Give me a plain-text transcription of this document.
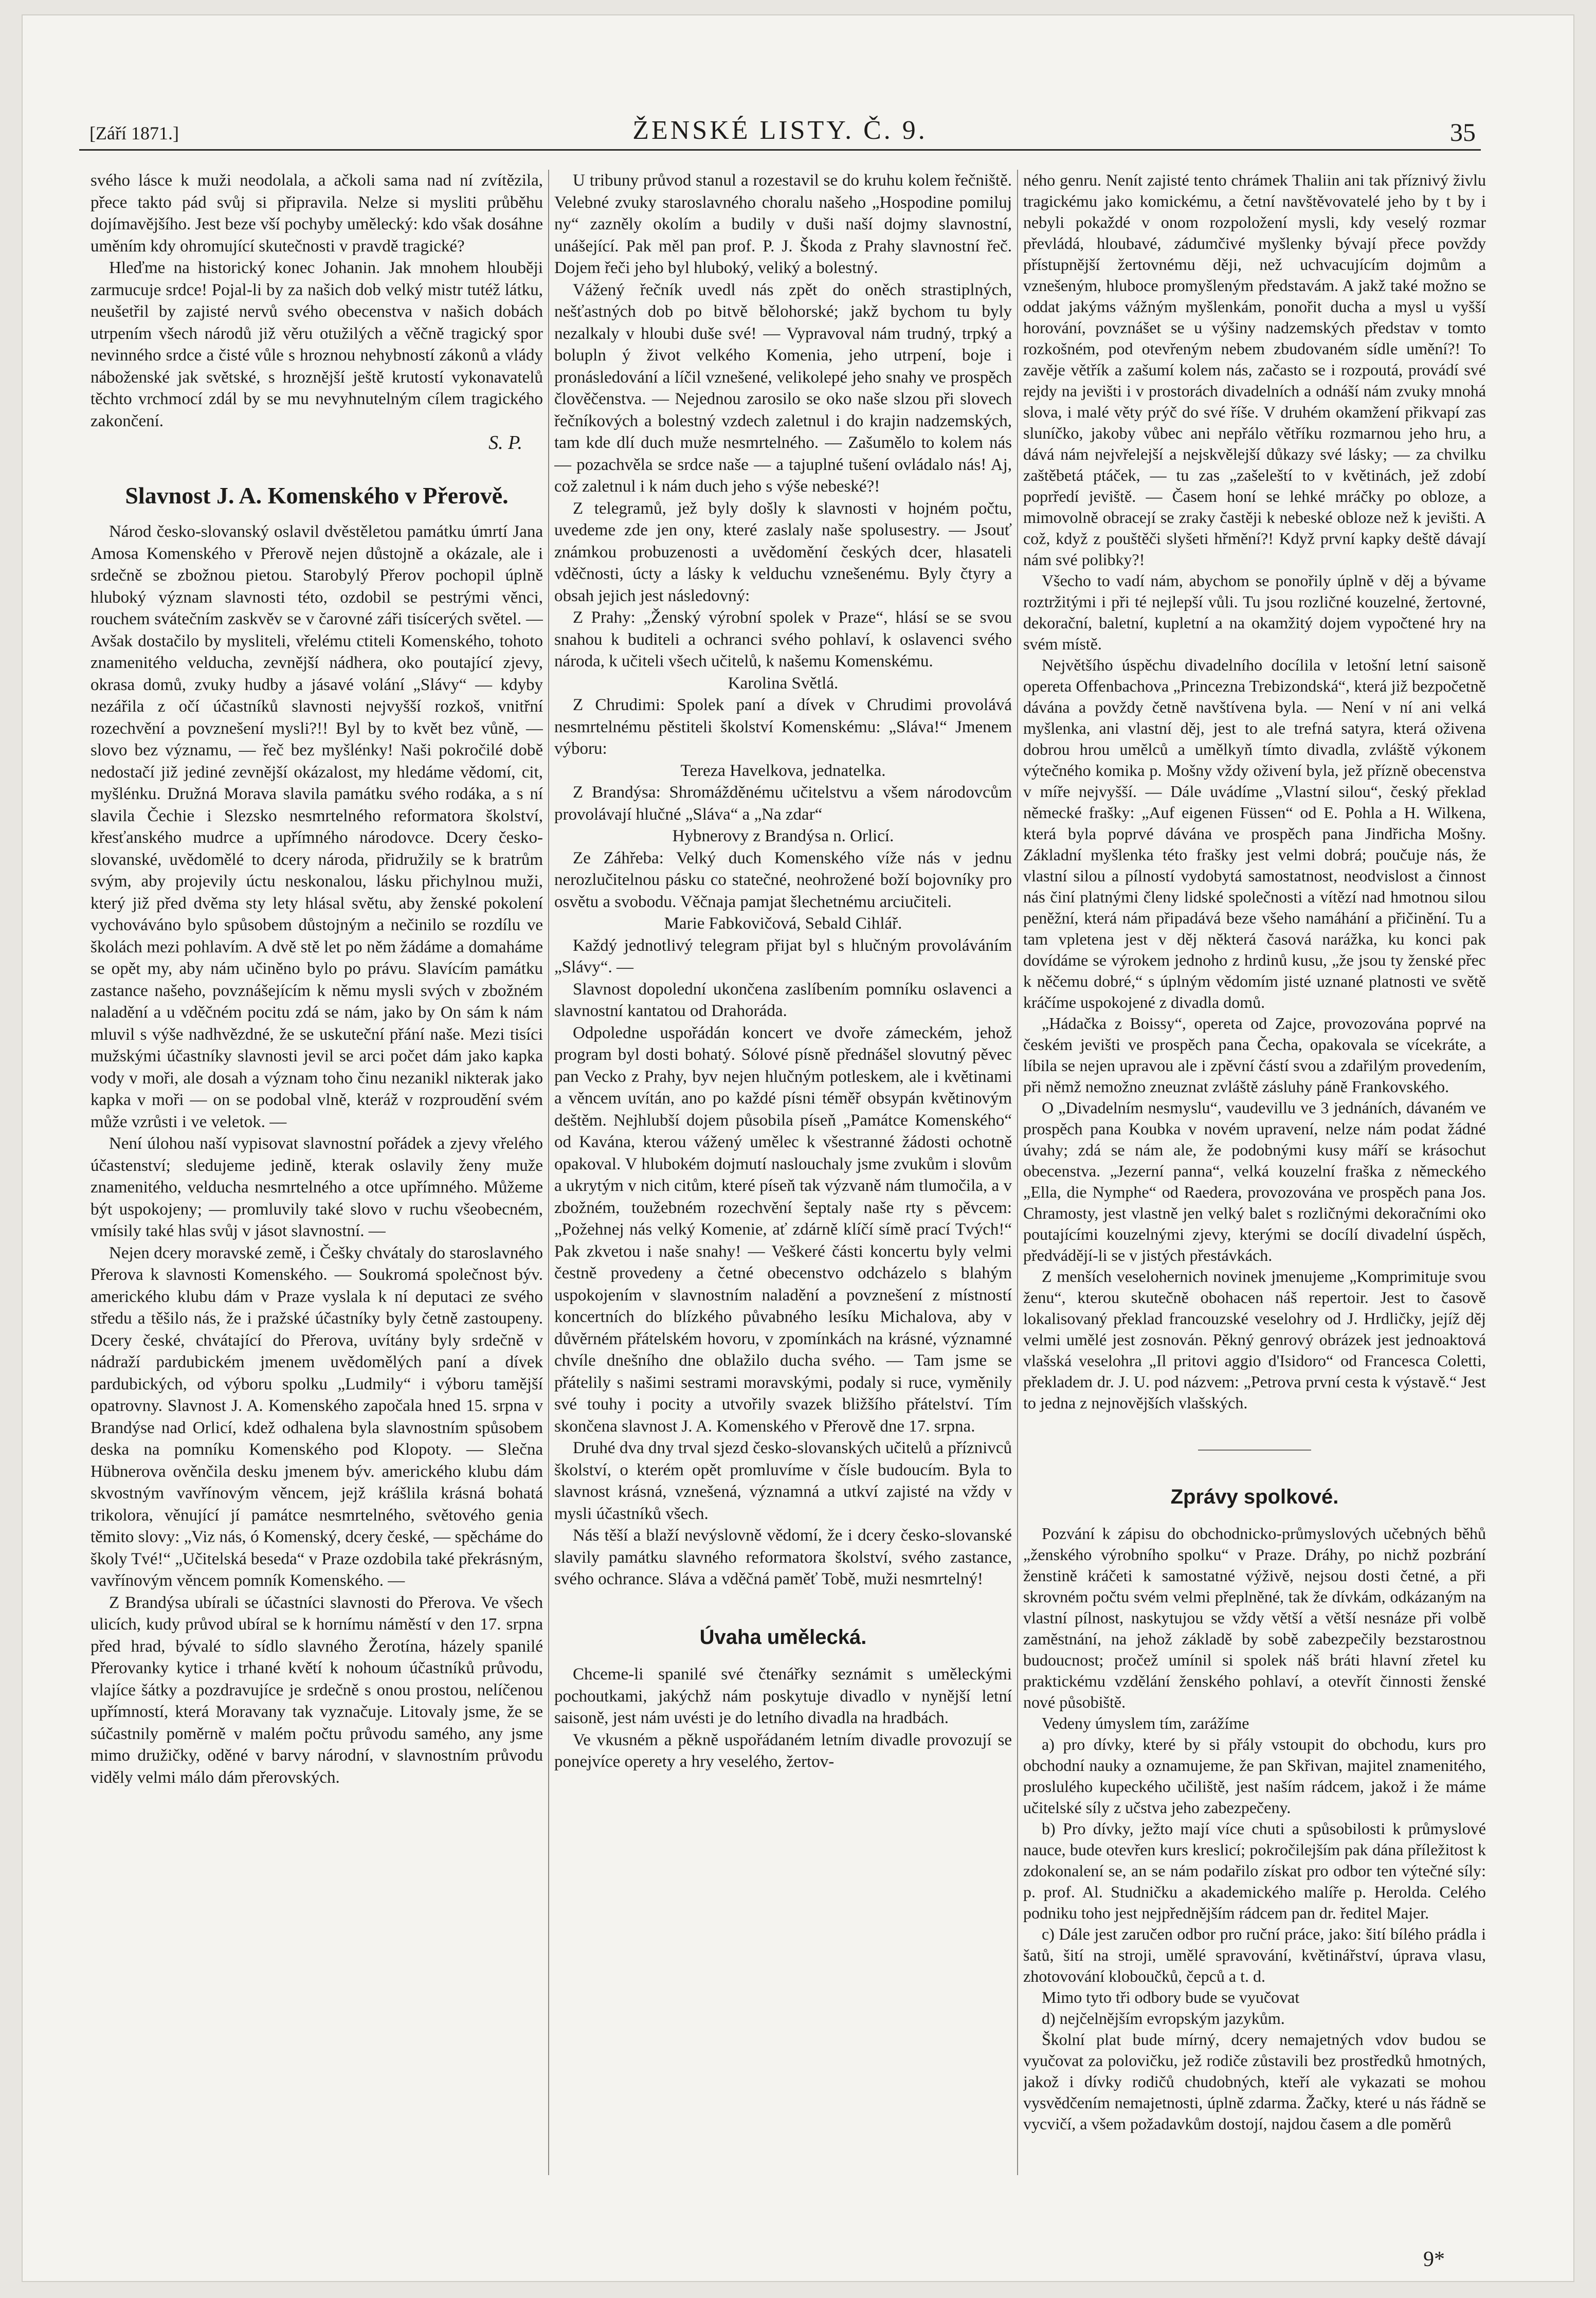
[Září 1871.]	ŽENSKÉ LISTY. Č. 9.	35

svého lásce k muži neodolala, a ačkoli sama nad ní zvítězila, přece takto pád svůj si připravila. Nelze si mysliti průběhu dojímavějšího. Jest beze vší pochyby umělecký: kdo však dosáhne uměním kdy ohromující skutečnosti v pravdě tragické?

Hleďme na historický konec Johanin. Jak mnohem hlouběji zarmucuje srdce! Pojal-li by za našich dob velký mistr tutéž látku, neušetřil by zajisté nervů svého obecenstva v našich dobách utrpením všech národů již věru otužilých a věčně tragický spor nevinného srdce a čisté vůle s hroznou nehybností zákonů a vlády náboženské jak světské, s hroznější ještě krutostí vykonavatelů těchto vrchmocí zdál by se mu nevyhnutelným cílem tragického zakončení.

S. P.
Slavnost J. A. Komenského v Přerově.

Národ česko-slovanský oslavil dvěstěletou památku úmrtí Jana Amosa Komenského v Přerově nejen důstojně a okázale, ale i srdečně se zbožnou pietou. Starobylý Přerov pochopil úplně hluboký význam slavnosti této, ozdobil se pestrými věnci, rouchem svátečním zaskvěv se v čarovné záři tisícerých světel. — Avšak dostačilo by mysliteli, vřelému ctiteli Komenského, tohoto znamenitého velducha, zevnější nádhera, oko poutající zjevy, okrasa domů, zvuky hudby a jásavé volání „Slávy“ — kdyby nezářila z očí účastníků slavnosti nejvyšší rozkoš, vnitřní rozechvění a povznešení mysli?!! Byl by to květ bez vůně, — slovo bez významu, — řeč bez myšlénky! Naši pokročilé době nedostačí již jediné zevnější okázalost, my hledáme vědomí, cit, myšlénku. Družná Morava slavila památku svého rodáka, a s ní slavila Čechie i Slezsko nesmrtelného reformatora školství, křesťanského mudrce a upřímného národovce. Dcery česko-slovanské, uvědomělé to dcery národa, přidružily se k bratrům svým, aby projevily úctu neskonalou, lásku přichylnou muži, který již před dvěma sty lety hlásal světu, aby ženské pokolení vychováváno bylo spůsobem důstojným a nečinilo se rozdílu ve školách mezi pohlavím. A dvě stě let po něm žádáme a domaháme se opět my, aby nám učiněno bylo po právu. Slavícím památku zastance našeho, povznášejícím k němu mysli svých v zbožném naladění a u vděčném pocitu zdá se nám, jako by On sám k nám mluvil s výše nadhvězdné, že se uskuteční přání naše. Mezi tisíci mužskými účastníky slavnosti jevil se arci počet dám jako kapka vody v moři, ale dosah a význam toho činu nezanikl nikterak jako kapka v moři — on se podobal vlně, kteráž v rozproudění svém může vzrůsti i ve veletok. —

Není úlohou naší vypisovat slavnostní pořádek a zjevy vřelého účastenství; sledujeme jedině, kterak oslavily ženy muže znamenitého, velducha nesmrtelného a otce upřímného. Můžeme být uspokojeny; — promluvily také slovo v ruchu všeobecném, vmísily také hlas svůj v jásot slavnostní. —

Nejen dcery moravské země, i Češky chvátaly do staroslavného Přerova k slavnosti Komenského. — Soukromá společnost býv. amerického klubu dám v Praze vyslala k ní deputaci ze svého středu a těšilo nás, že i pražské účastníky byly četně zastoupeny. Dcery české, chvátající do Přerova, uvítány byly srdečně v nádraží pardubickém jmenem uvědomělých paní a dívek pardubických, od výboru spolku „Ludmily“ i výboru tamější opatrovny. Slavnost J. A. Komenského započala hned 15. srpna v Brandýse nad Orlicí, kdež odhalena byla slavnostním spůsobem deska na pomníku Komenského pod Klopoty. — Slečna Hübnerova ověnčila desku jmenem býv. amerického klubu dám skvostným vavřínovým věncem, jejž krášlila krásná bohatá trikolora, věnující jí památce nesmrtelného, světového genia těmito slovy: „Viz nás, ó Komenský, dcery české, — spěcháme do školy Tvé!“ „Učitelská beseda“ v Praze ozdobila také překrásným, vavřínovým věncem pomník Komenského. —

Z Brandýsa ubírali se účastníci slavnosti do Přerova. Ve všech ulicích, kudy průvod ubíral se k hornímu náměstí v den 17. srpna před hrad, bývalé to sídlo slavného Žerotína, házely spanilé Přerovanky kytice i trhané květí k nohoum účastníků průvodu, vlajíce šátky a pozdravujíce je srdečně s onou prostou, nelíčenou upřímností, která Moravany tak vyznačuje. Litovaly jsme, že se súčastnily poměrně v malém počtu průvodu samého, any jsme mimo družičky, oděné v barvy národní, v slavnostním průvodu viděly velmi málo dám přerovských.

U tribuny průvod stanul a rozestavil se do kruhu kolem řečniště. Velebné zvuky staroslavného choralu našeho „Hospodine pomiluj ny“ zazněly okolím a budily v duši naší dojmy slavnostní, unášející. Pak měl pan prof. P. J. Škoda z Prahy slavnostní řeč. Dojem řeči jeho byl hluboký, veliký a bolestný.

Vážený řečník uvedl nás zpět do oněch strastiplných, nešťastných dob po bitvě bělohorské; jakž bychom tu byly nezalkaly v hloubi duše své! — Vypravoval nám trudný, trpký a bolupln ý život velkého Komenia, jeho utrpení, boje i pronásledování a líčil vznešené, velikolepé jeho snahy ve prospěch člověčenstva. — Nejednou zarosilo se oko naše slzou při slovech řečníkových a bolestný vzdech zaletnul i do krajin nadzemských, tam kde dlí duch muže nesmrtelného. — Zašumělo to kolem nás — pozachvěla se srdce naše — a tajuplné tušení ovládalo nás! Aj, což zaletnul i k nám duch jeho s výše nebeské?!

Z telegramů, jež byly došly k slavnosti v hojném počtu, uvedeme zde jen ony, které zaslaly naše spolusestry. — Jsouť známkou probuzenosti a uvědomění českých dcer, hlasateli vděčnosti, úcty a lásky k velduchu vznešenému. Byly čtyry a obsah jejich jest následovný:

Z Prahy: „Ženský výrobní spolek v Praze“, hlásí se se svou snahou k buditeli a ochranci svého pohlaví, k oslavenci svého národa, k učiteli všech učitelů, k našemu Komenskému.

Karolina Světlá.

Z Chrudimi: Spolek paní a dívek v Chrudimi provolává nesmrtelnému pěstiteli školství Komenskému: „Sláva!“ Jmenem výboru:

Tereza Havelkova, jednatelka.

Z Brandýsa: Shromážděnému učitelstvu a všem národovcům provolávají hlučné „Sláva“ a „Na zdar“

Hybnerovy z Brandýsa n. Orlicí.

Ze Záhřeba: Velký duch Komenského víže nás v jednu nerozlučitelnou pásku co statečné, neohrožené boží bojovníky pro osvětu a svobodu. Věčnaja pamjat šlechetnému arciučiteli.

Marie Fabkovičová, Sebald Cihlář.

Každý jednotlivý telegram přijat byl s hlučným provoláváním „Slávy“. —

Slavnost dopolední ukončena zaslíbením pomníku oslavenci a slavnostní kantatou od Drahoráda.

Odpoledne uspořádán koncert ve dvoře zámeckém, jehož program byl dosti bohatý. Sólové písně přednášel slovutný pěvec pan Vecko z Prahy, byv nejen hlučným potleskem, ale i květinami a věncem uvítán, ano po každé písni téměř obsypán květinovým deštěm. Nejhlubší dojem působila píseň „Památce Komenského“ od Kavána, kterou vážený umělec k všestranné žádosti ochotně opakoval. V hlubokém dojmutí naslouchaly jsme zvukům i slovům a ukrytým v nich citům, které píseň tak výzvaně nám tlumočila, a v zbožném, toužebném rozechvění šeptaly naše rty s pěvcem: „Požehnej nás velký Komenie, ať zdárně klíčí símě prací Tvých!“ Pak zkvetou i naše snahy! — Veškeré části koncertu byly velmi čestně provedeny a četné obecenstvo odcházelo s blahým uspokojením v slavnostním naladění a povznešení z místností koncertních do blízkého půvabného lesíku Michalova, aby v důvěrném přátelském hovoru, v zpomínkách na krásné, významné chvíle dnešního dne oblažilo ducha svého. — Tam jsme se přátelily s našimi sestrami moravskými, podaly si ruce, vyměnily své touhy i pocity a utvořily svazek bližšího přátelství. Tím skončena slavnost J. A. Komenského v Přerově dne 17. srpna.

Druhé dva dny trval sjezd česko-slovanských učitelů a příznivců školství, o kterém opět promluvíme v čísle budoucím. Byla to slavnost krásná, vznešená, významná a utkví zajisté na vždy v mysli účastníků všech.

Nás těší a blaží nevýslovně vědomí, že i dcery česko-slovanské slavily památku slavného reformatora školství, svého zastance, svého ochrance. Sláva a vděčná paměť Tobě, muži nesmrtelný!

Úvaha umělecká.

Chceme-li spanilé své čtenářky seznámit s uměleckými pochoutkami, jakýchž nám poskytuje divadlo v nynější letní saisoně, jest nám uvésti je do letního divadla na hradbách.

Ve vkusném a pěkně uspořádaném letním divadle provozují se ponejvíce operety a hry veselého, žertov-

ného genru. Nenít zajisté tento chrámek Thaliin ani tak příznivý živlu tragickému jako komickému, a četní navštěvovatelé jeho by t by i nebyli pokaždé v onom rozpoložení mysli, kdy veselý rozmar převládá, hloubavé, zádumčivé myšlenky bývají přece povždy přístupnější žertovnému ději, než uchvacujícím dojmům a vznešeným, hluboce promyšleným představám. A jakž také možno se oddat jakýms vážným myšlenkám, ponořit ducha a mysl u vyšší horování, povznášet se u výšiny nadzemských představ v tomto rozkošném, pod otevřeným nebem zbudovaném sídle umění?! To zavěje větřík a zašumí kolem nás, začasto se i rozpoutá, provádí své rejdy na jevišti i v prostorách divadelních a odnáší nám zvuky mnohá slova, i malé věty prýč do své říše. V druhém okamžení přikvapí zas sluníčko, jakoby vůbec ani nepřálo větříku rozmarnou jeho hru, a dává nám nejvřelejší a nejskvělejší důkazy své lásky; — za chvilku zaštěbetá ptáček, — tu zas „zašeleští to v květinách, jež zdobí poprředí jeviště. — Časem honí se lehké mráčky po obloze, a mimovolně obracejí se zraky častěji k nebeské obloze než k jevišti. A což, když z pouštěči slyšeti hřmění?! Když první kapky deště dávají nám své polibky?!

Všecho to vadí nám, abychom se ponořily úplně v děj a bývame roztržitými i při té nejlepší vůli. Tu jsou rozličné kouzelné, žertovné, dekorační, baletní, kupletní a na okamžitý dojem vypočtené hry na svém místě.

Největšího úspěchu divadelního docílila v letošní letní saisoně opereta Offenbachova „Princezna Trebizondská“, která již bezpočetně dávána a povždy četně navštívena byla. — Není v ní ani velká myšlenka, ani vlastní děj, jest to ale trefná satyra, která oživena dobrou hrou umělců a umělkyň tímto divadla, zvláště výkonem výtečného komika p. Mošny vždy oživení byla, jež přízně obecenstva v míře nejvyšší. — Dále uvádíme „Vlastní silou“, český překlad německé frašky: „Auf eigenen Füssen“ od E. Pohla a H. Wilkena, která byla poprvé dávána ve prospěch pana Jindřicha Mošny. Základní myšlenka této frašky jest velmi dobrá; poučuje nás, že vlastní silou a pílností vydobytá samostatnost, neodvislost a činnost nás činí platnými členy lidské společnosti a vítězí nad hmotnou silou peněžní, která nám připadává beze všeho namáhání a přičinění. Tu a tam vpletena jest v děj některá časová narážka, ku konci pak dovídáme se výrokem jednoho z hrdinů kusu, „že jsou ty ženské přec k něčemu dobré,“ s úplným vědomím jisté uznané platnosti ve světě kráčíme uspokojené z divadla domů.

„Hádačka z Boissy“, opereta od Zajce, provozována poprvé na českém jevišti ve prospěch pana Čecha, opakovala se vícekráte, a líbila se nejen upravou ale i zpěvní částí svou a zdařilým provedením, při němž nemožno zneuznat zvláště zásluhy páně Frankovského.

O „Divadelním nesmyslu“, vaudevillu ve 3 jednáních, dávaném ve prospěch pana Koubka v novém upravení, nelze nám podat žádné úvahy; zdá se nám ale, že podobnými kusy máří se krásochut obecenstva. „Jezerní panna“, velká kouzelní fraška z německého „Ella, die Nymphe“ od Raedera, provozována ve prospěch pana Jos. Chramosty, jest vlastně jen velký balet s rozličnými dekoračními oko poutajícími kouzelnými zjevy, kterými se docílí divadelní úspěch, předvádějí-li se v jistých přestávkách.

Z menších veselohernich novinek jmenujeme „Komprimituje svou ženu“, kterou skutečně obohacen náš repertoir. Jest to časově lokalisovaný překlad francouzské veselohry od J. Hrdličky, jejíž děj velmi umělé jest zosnován. Pěkný genrový obrázek jest jednoaktová vlašská veselohra „Il pritovi aggio d'Isidoro“ od Francesca Coletti, překladem dr. J. U. pod názvem: „Petrova první cesta k výstavě.“ Jest to jedna z nejnovějších vlašských.

Zprávy spolkové.

Pozvání k zápisu do obchodnicko-průmyslových učebných běhů „ženského výrobního spolku“ v Praze. Dráhy, po nichž pozbrání ženstině kráčeti k samostatné výživě, nejsou dosti četné, a při skrovném počtu svém velmi přeplněné, tak že dívkám, odkázaným na vlastní pílnost, naskytujou se vždy větší a větší nesnáze při volbě zaměstnání, na jehož základě by sobě zabezpečily bezstarostnou budoucnost; pročež umínil si spolek náš bráti hlavní zřetel ku praktickému vzdělání ženského pohlaví, a otevřít činnosti ženské nové působiště.

Vedeny úmyslem tím, zarážíme

a) pro dívky, které by si přály vstoupit do obchodu, kurs pro obchodní nauky a oznamujeme, že pan Skřivan, majitel znamenitého, proslulého kupeckého učiliště, jest naším rádcem, jakož i že máme učitelské síly z učstva jeho zabezpečeny.

b) Pro dívky, ježto mají více chuti a spůsobilosti k průmyslové nauce, bude otevřen kurs kreslicí; pokročilejším pak dána příležitost k zdokonalení se, an se nám podařilo získat pro odbor ten výtečné síly: p. prof. Al. Studničku a akademického malíře p. Herolda. Celého podniku toho jest nejpřednějším rádcem pan dr. ředitel Majer.

c) Dále jest zaručen odbor pro ruční práce, jako: šití bílého prádla i šatů, šití na stroji, umělé spravování, květinářství, úprava vlasu, zhotovování kloboučků, čepců a t. d.

Mimo tyto tři odbory bude se vyučovat

d) nejčelnějším evropským jazykům.

Školní plat bude mírný, dcery nemajetných vdov budou se vyučovat za polovičku, jež rodiče zůstavili bez prostředků hmotných, jakož i dívky rodičů chudobných, kteří ale vykazati se mohou vysvědčením nemajetnosti, úplně zdarma. Žačky, které u nás řádně se vycvičí, a všem požadavkům dostojí, najdou časem a dle poměrů

9*
